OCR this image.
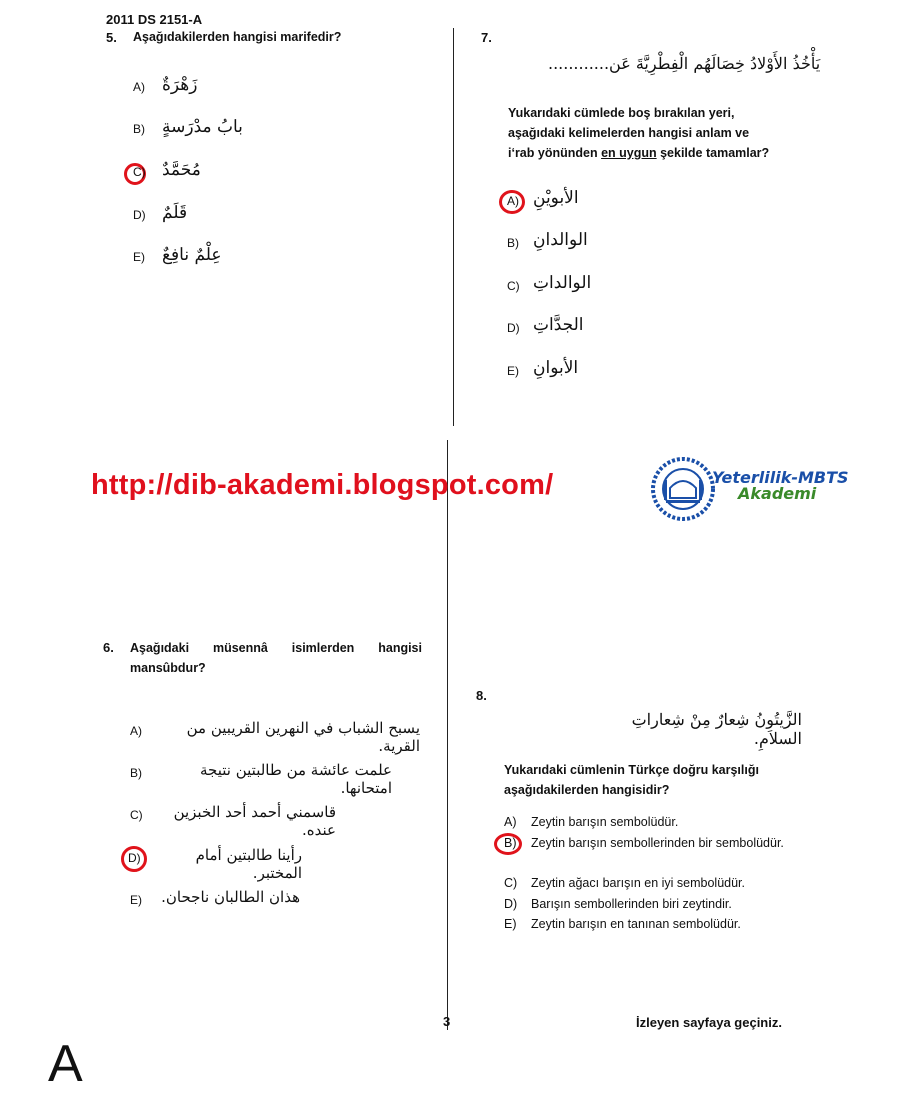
2011 DS 2151-A
5. Aşağıdakilerden hangisi marifedir?
A) زَهْرَةٌ
B) بابُ مدْرَسةٍ
C) مُحَمَّدٌ
D) قَلَمٌ
E) عِلْمٌ نافِعٌ
7.
يَأْخُذُ الأَوْلادُ خِصَالَهُم الْفِطْرِيَّةَ عَن............
Yukarıdaki cümlede boş bırakılan yeri,
aşağıdaki kelimelerden hangisi anlam ve
i‘rab yönünden en uygun şekilde tamamlar?
A) الأبويْنِ
B) الوالدانِ
C) الوالداتِ
D) الجدَّاتِ
E) الأبوانِ
http://dib-akademi.blogspot.com/	Yeterlilik-MBTS
Akademi
6. Aşağıdaki müsennâ isimlerden hangisi
mansûbdur?
A)	يسبح الشباب في النهرين القريبين من القرية.
B)	علمت عائشة من طالبتين نتيجة امتحانها.
C)	قاسمني أحمد أحد الخبزين عنده.
D)	رأينا طالبتين أمام المختبر.
E) هذان الطالبان ناجحان.
8.
الزَّيتُونُ شِعارٌ مِنْ شِعاراتِ السلاَمِ.
Yukarıdaki cümlenin Türkçe doğru karşılığı
aşağıdakilerden hangisidir?
A) Zeytin barışın sembolüdür.
B) Zeytin barışın sembollerinden bir sembolüdür.
C) Zeytin ağacı barışın en iyi sembolüdür.
D) Barışın sembollerinden biri zeytindir.
E) Zeytin barışın en tanınan sembolüdür.
3	İzleyen sayfaya geçiniz.
A
